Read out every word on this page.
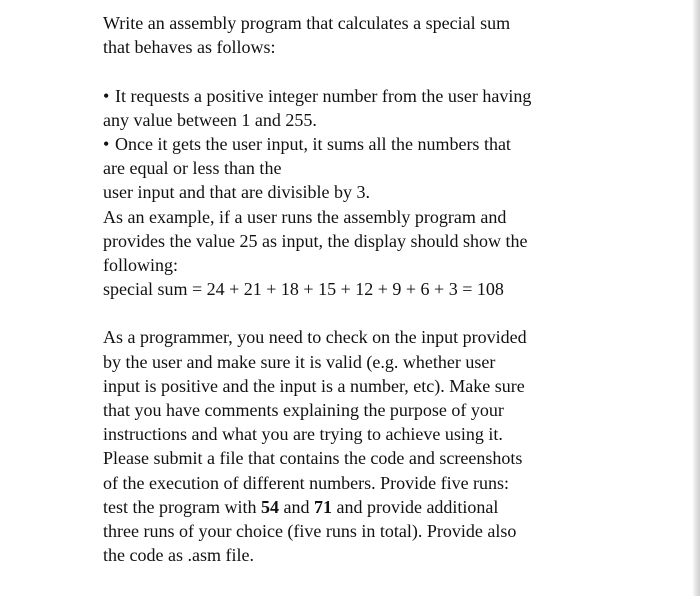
Write an assembly program that calculates a special sum
that behaves as follows:
• It requests a positive integer number from the user having
any value between 1 and 255.
• Once it gets the user input, it sums all the numbers that
are equal or less than the
user input and that are divisible by 3.
As an example, if a user runs the assembly program and
provides the value 25 as input, the display should show the
following:
special sum = 24 + 21 + 18 + 15 + 12 + 9 + 6 + 3 = 108
As a programmer, you need to check on the input provided
by the user and make sure it is valid (e.g. whether user
input is positive and the input is a number, etc). Make sure
that you have comments explaining the purpose of your
instructions and what you are trying to achieve using it.
Please submit a file that contains the code and screenshots
of the execution of different numbers. Provide five runs:
test the program with 54 and 71 and provide additional
three runs of your choice (five runs in total). Provide also
the code as .asm file.
